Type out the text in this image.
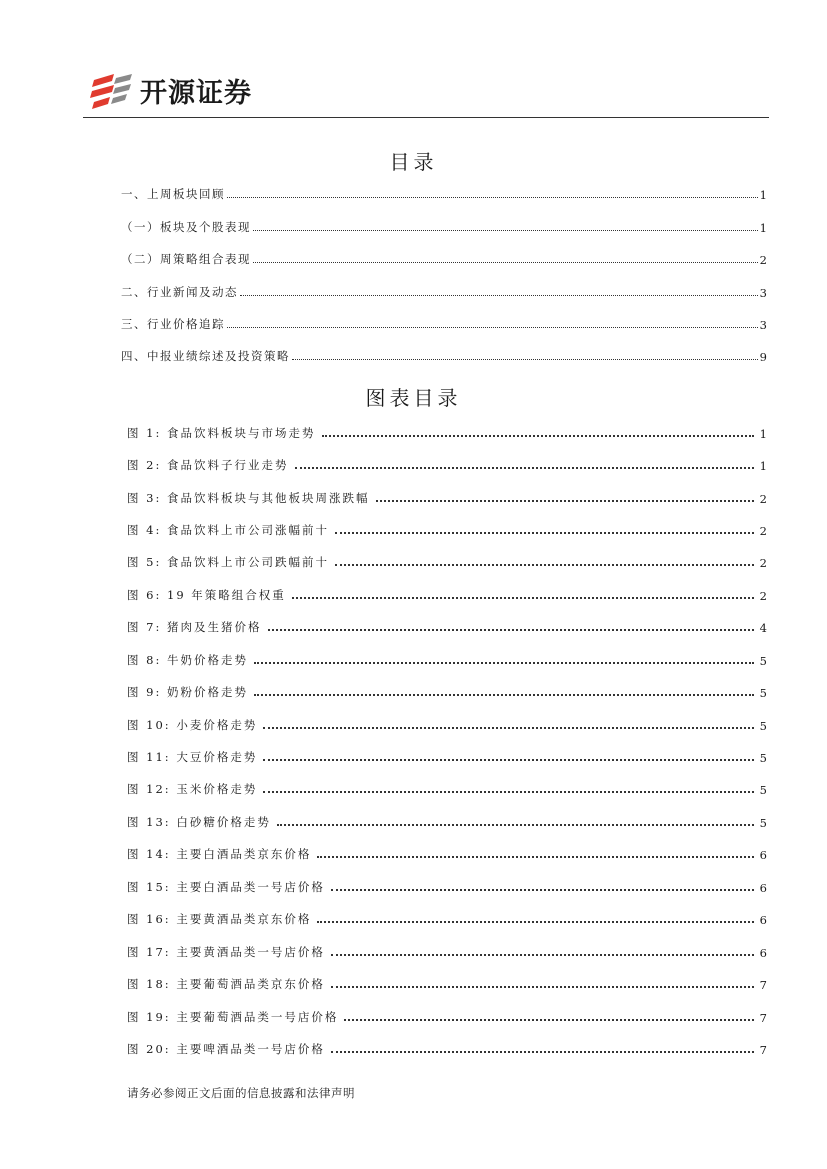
开源证券
目录
一、上周板块回顾	1
（一）板块及个股表现	1
（二）周策略组合表现	2
二、行业新闻及动态	3
三、行业价格追踪	3
四、中报业绩综述及投资策略	9
图表目录
图 1: 食品饮料板块与市场走势	1
图 2: 食品饮料子行业走势	1
图 3: 食品饮料板块与其他板块周涨跌幅	2
图 4: 食品饮料上市公司涨幅前十	2
图 5: 食品饮料上市公司跌幅前十	2
图 6: 19 年策略组合权重	2
图 7: 猪肉及生猪价格	4
图 8: 牛奶价格走势	5
图 9: 奶粉价格走势	5
图 10: 小麦价格走势	5
图 11: 大豆价格走势	5
图 12: 玉米价格走势	5
图 13: 白砂糖价格走势	5
图 14: 主要白酒品类京东价格	6
图 15: 主要白酒品类一号店价格	6
图 16: 主要黄酒品类京东价格	6
图 17: 主要黄酒品类一号店价格	6
图 18: 主要葡萄酒品类京东价格	7
图 19: 主要葡萄酒品类一号店价格	7
图 20: 主要啤酒品类一号店价格	7
请务必参阅正文后面的信息披露和法律声明
